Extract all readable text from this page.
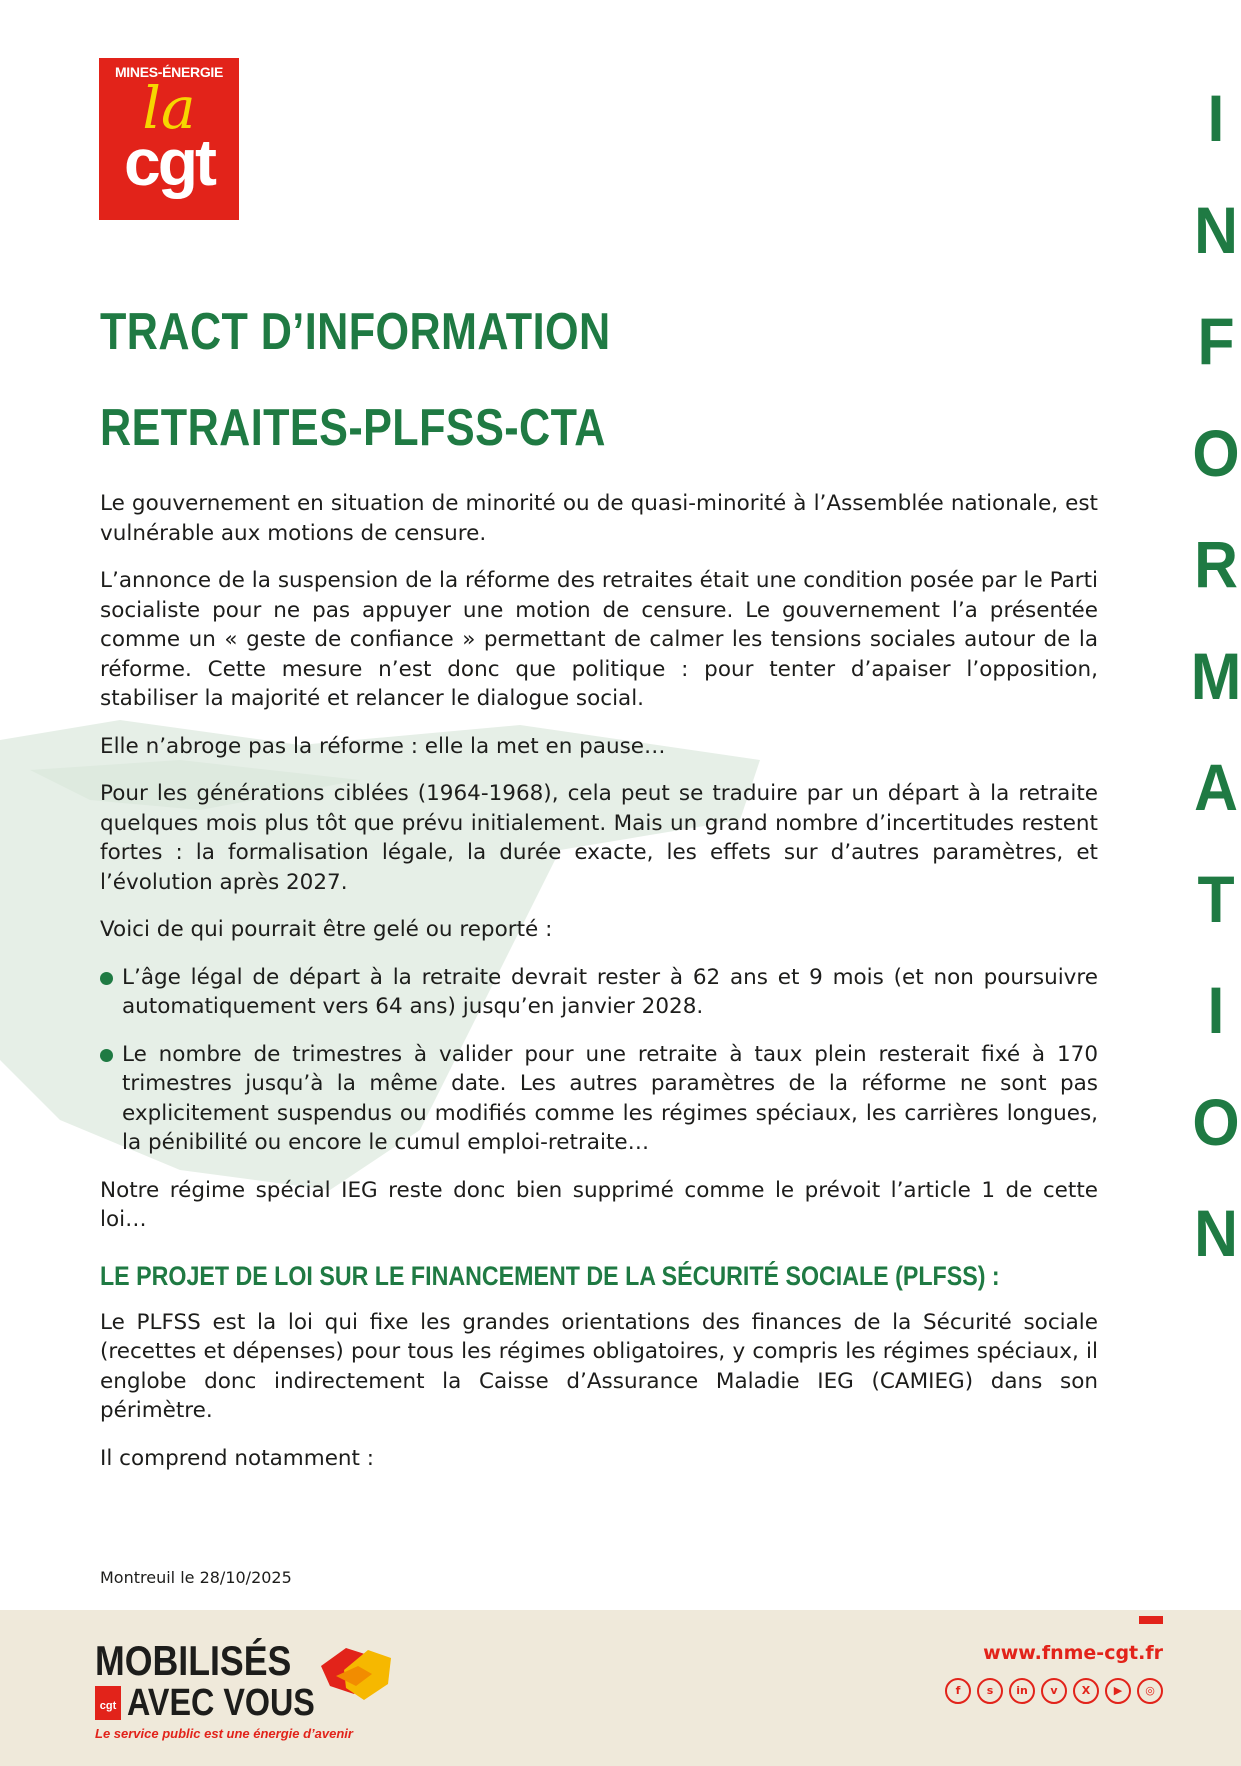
MINES-ÉNERGIE
la
cgt
I
N
F
O
R
M
A
T
I
O
N
TRACT D’INFORMATION
RETRAITES-PLFSS-CTA

Le gouvernement en situation de minorité ou de quasi-minorité à l’Assemblée nationale, est vulnérable aux motions de censure.

L’annonce de la suspension de la réforme des retraites était une condition posée par le Parti socialiste pour ne pas appuyer une motion de censure. Le gouvernement l’a présentée comme un « geste de confiance » permettant de calmer les tensions sociales autour de la réforme. Cette mesure n’est donc que politique : pour tenter d’apaiser l’opposition, stabiliser la majorité et relancer le dialogue social.

Elle n’abroge pas la réforme : elle la met en pause…

Pour les générations ciblées (1964-1968), cela peut se traduire par un départ à la retraite quelques mois plus tôt que prévu initialement. Mais un grand nombre d’incertitudes restent fortes : la formalisation légale, la durée exacte, les effets sur d’autres paramètres, et l’évolution après 2027.

Voici de qui pourrait être gelé ou reporté :

L’âge légal de départ à la retraite devrait rester à 62 ans et 9 mois (et non poursuivre automatiquement vers 64 ans) jusqu’en janvier 2028.
Le nombre de trimestres à valider pour une retraite à taux plein resterait fixé à 170 trimestres jusqu’à la même date. Les autres paramètres de la réforme ne sont pas explicitement suspendus ou modifiés comme les régimes spéciaux, les carrières longues, la pénibilité ou encore le cumul emploi-retraite…

Notre régime spécial IEG reste donc bien supprimé comme le prévoit l’article 1 de cette loi…

LE PROJET DE LOI SUR LE FINANCEMENT DE LA SÉCURITÉ SOCIALE (PLFSS) :

Le PLFSS est la loi qui fixe les grandes orientations des finances de la Sécurité sociale (recettes et dépenses) pour tous les régimes obligatoires, y compris les régimes spéciaux, il englobe donc indirectement la Caisse d’Assurance Maladie IEG (CAMIEG) dans son périmètre.

Il comprend notamment :

Montreuil le 28/10/2025
MOBILISÉS
cgt AVEC VOUS
Le service public est une énergie d’avenir
www.fnme-cgt.fr
f	s	in	v	X	▶	◎
